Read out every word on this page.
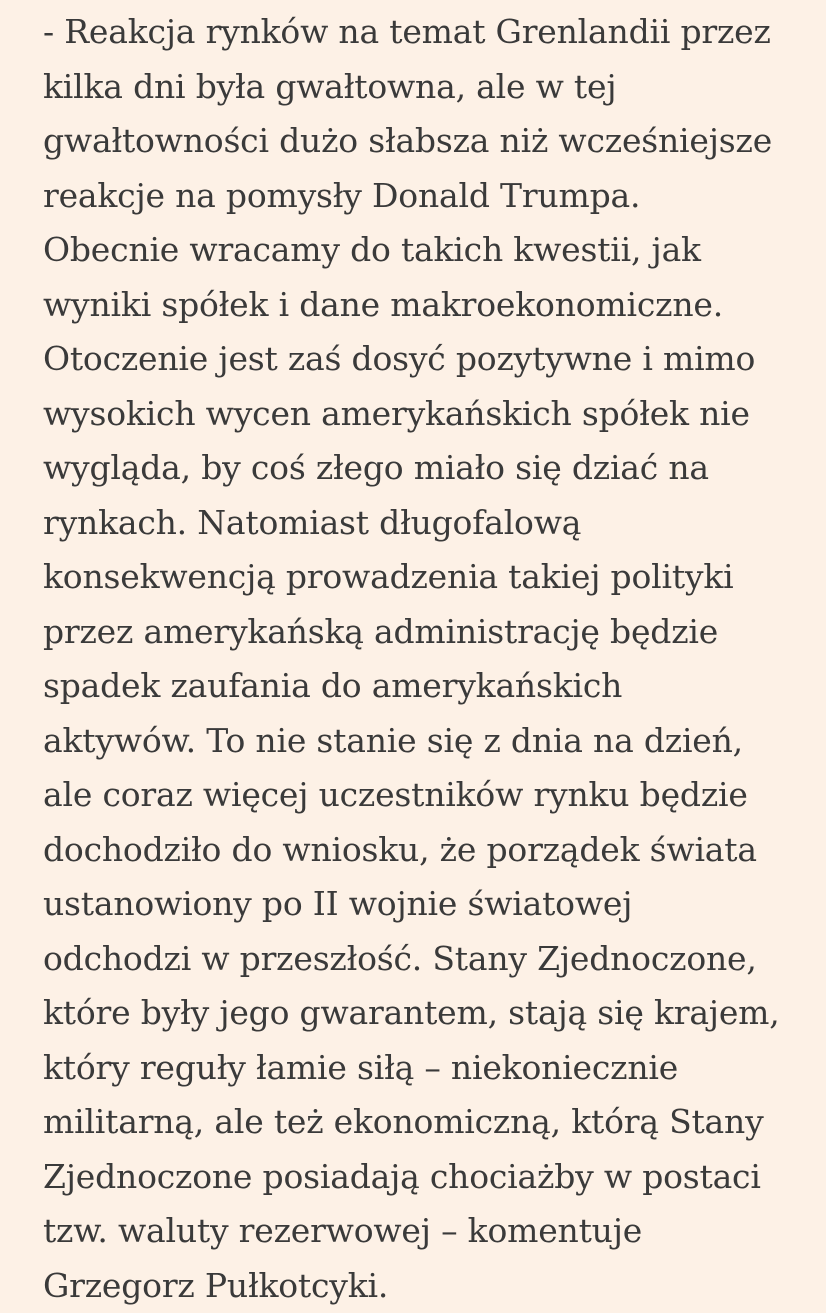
- Reakcja rynków na temat Grenlandii przez
kilka dni była gwałtowna, ale w tej
gwałtowności dużo słabsza niż wcześniejsze
reakcje na pomysły Donald Trumpa.
Obecnie wracamy do takich kwestii, jak
wyniki spółek i dane makroekonomiczne.
Otoczenie jest zaś dosyć pozytywne i mimo
wysokich wycen amerykańskich spółek nie
wygląda, by coś złego miało się dziać na
rynkach. Natomiast długofalową
konsekwencją prowadzenia takiej polityki
przez amerykańską administrację będzie
spadek zaufania do amerykańskich
aktywów. To nie stanie się z dnia na dzień,
ale coraz więcej uczestników rynku będzie
dochodziło do wniosku, że porządek świata
ustanowiony po II wojnie światowej
odchodzi w przeszłość. Stany Zjednoczone,
które były jego gwarantem, stają się krajem,
który reguły łamie siłą – niekoniecznie
militarną, ale też ekonomiczną, którą Stany
Zjednoczone posiadają chociażby w postaci
tzw. waluty rezerwowej – komentuje
Grzegorz Pułkotcyki.
